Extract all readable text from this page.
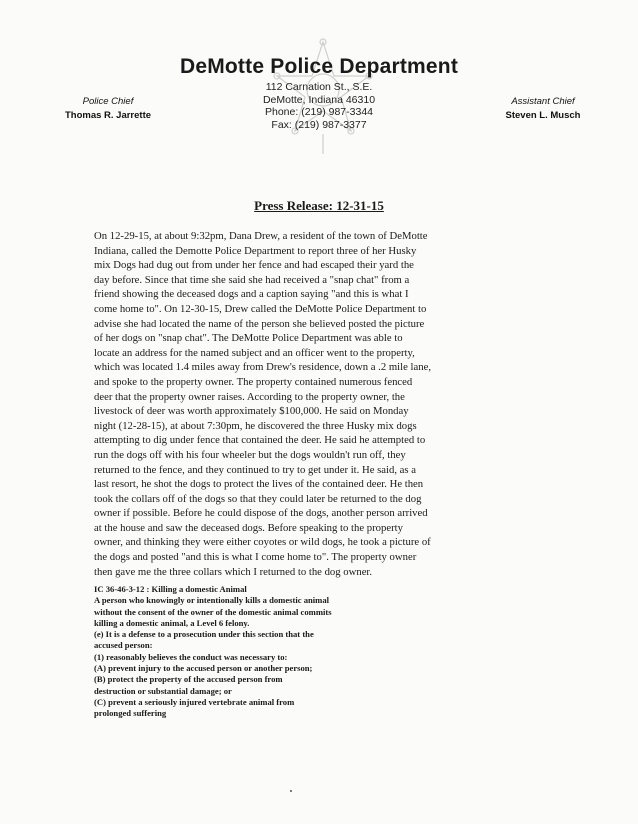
DeMotte Police Department
112 Carnation St., S.E.
DeMotte, Indiana 46310
Phone: (219) 987-3344
Fax: (219) 987-3377
Police Chief
Thomas R. Jarrette
Assistant Chief
Steven L. Musch
Press Release: 12-31-15
On 12-29-15, at about 9:32pm, Dana Drew, a resident of the town of DeMotte
Indiana, called the Demotte Police Department to report three of her Husky
mix Dogs had dug out from under her fence and had escaped their yard the
day before. Since that time she said she had received a "snap chat" from a
friend showing the deceased dogs and a caption saying "and this is what I
come home to". On 12-30-15, Drew called the DeMotte Police Department to
advise she had located the name of the person she believed posted the picture
of her dogs on "snap chat". The DeMotte Police Department was able to
locate an address for the named subject and an officer went to the property,
which was located 1.4 miles away from Drew's residence, down a .2 mile lane,
and spoke to the property owner. The property contained numerous fenced
deer that the property owner raises. According to the property owner, the
livestock of deer was worth approximately $100,000. He said on Monday
night (12-28-15), at about 7:30pm, he discovered the three Husky mix dogs
attempting to dig under fence that contained the deer. He said he attempted to
run the dogs off with his four wheeler but the dogs wouldn't run off, they
returned to the fence, and they continued to try to get under it. He said, as a
last resort, he shot the dogs to protect the lives of the contained deer. He then
took the collars off of the dogs so that they could later be returned to the dog
owner if possible. Before he could dispose of the dogs, another person arrived
at the house and saw the deceased dogs. Before speaking to the property
owner, and thinking they were either coyotes or wild dogs, he took a picture of
the dogs and posted "and this is what I come home to". The property owner
then gave me the three collars which I returned to the dog owner.
IC 36-46-3-12 : Killing a domestic Animal
A person who knowingly or intentionally kills a domestic animal
without the consent of the owner of the domestic animal commits
killing a domestic animal, a Level 6 felony.
(e) It is a defense to a prosecution under this section that the
accused person:
(1) reasonably believes the conduct was necessary to:
(A) prevent injury to the accused person or another person;
(B) protect the property of the accused person from
destruction or substantial damage; or
(C) prevent a seriously injured vertebrate animal from
prolonged suffering
